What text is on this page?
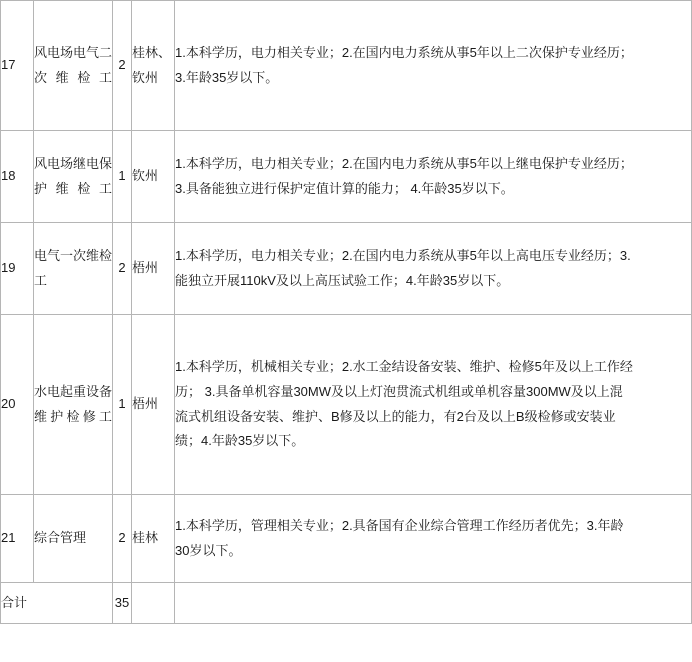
17	风电场电气二次维检工	2	桂林、钦州	1.本科学历，电力相关专业；2.在国内电力系统从事5年以上二次保护专业经历；
3.年龄35岁以下。

18	风电场继电保护维检工	1	钦州	1.本科学历，电力相关专业；2.在国内电力系统从事5年以上继电保护专业经历；
3.具备能独立进行保护定值计算的能力； 4.年龄35岁以下。

19	电气一次维检工	2	梧州	1.本科学历，电力相关专业；2.在国内电力系统从事5年以上高电压专业经历；3.
能独立开展110kV及以上高压试验工作；4.年龄35岁以下。

20	水电起重设备维护检修工	1	梧州	1.本科学历，机械相关专业；2.水工金结设备安装、维护、检修5年及以上工作经
历； 3.具备单机容量30MW及以上灯泡贯流式机组或单机容量300MW及以上混
流式机组设备安装、维护、B修及以上的能力，有2台及以上B级检修或安装业
绩；4.年龄35岁以下。

21	综合管理	2	桂林	1.本科学历，管理相关专业；2.具备国有企业综合管理工作经历者优先；3.年龄
30岁以下。

合计		35		
